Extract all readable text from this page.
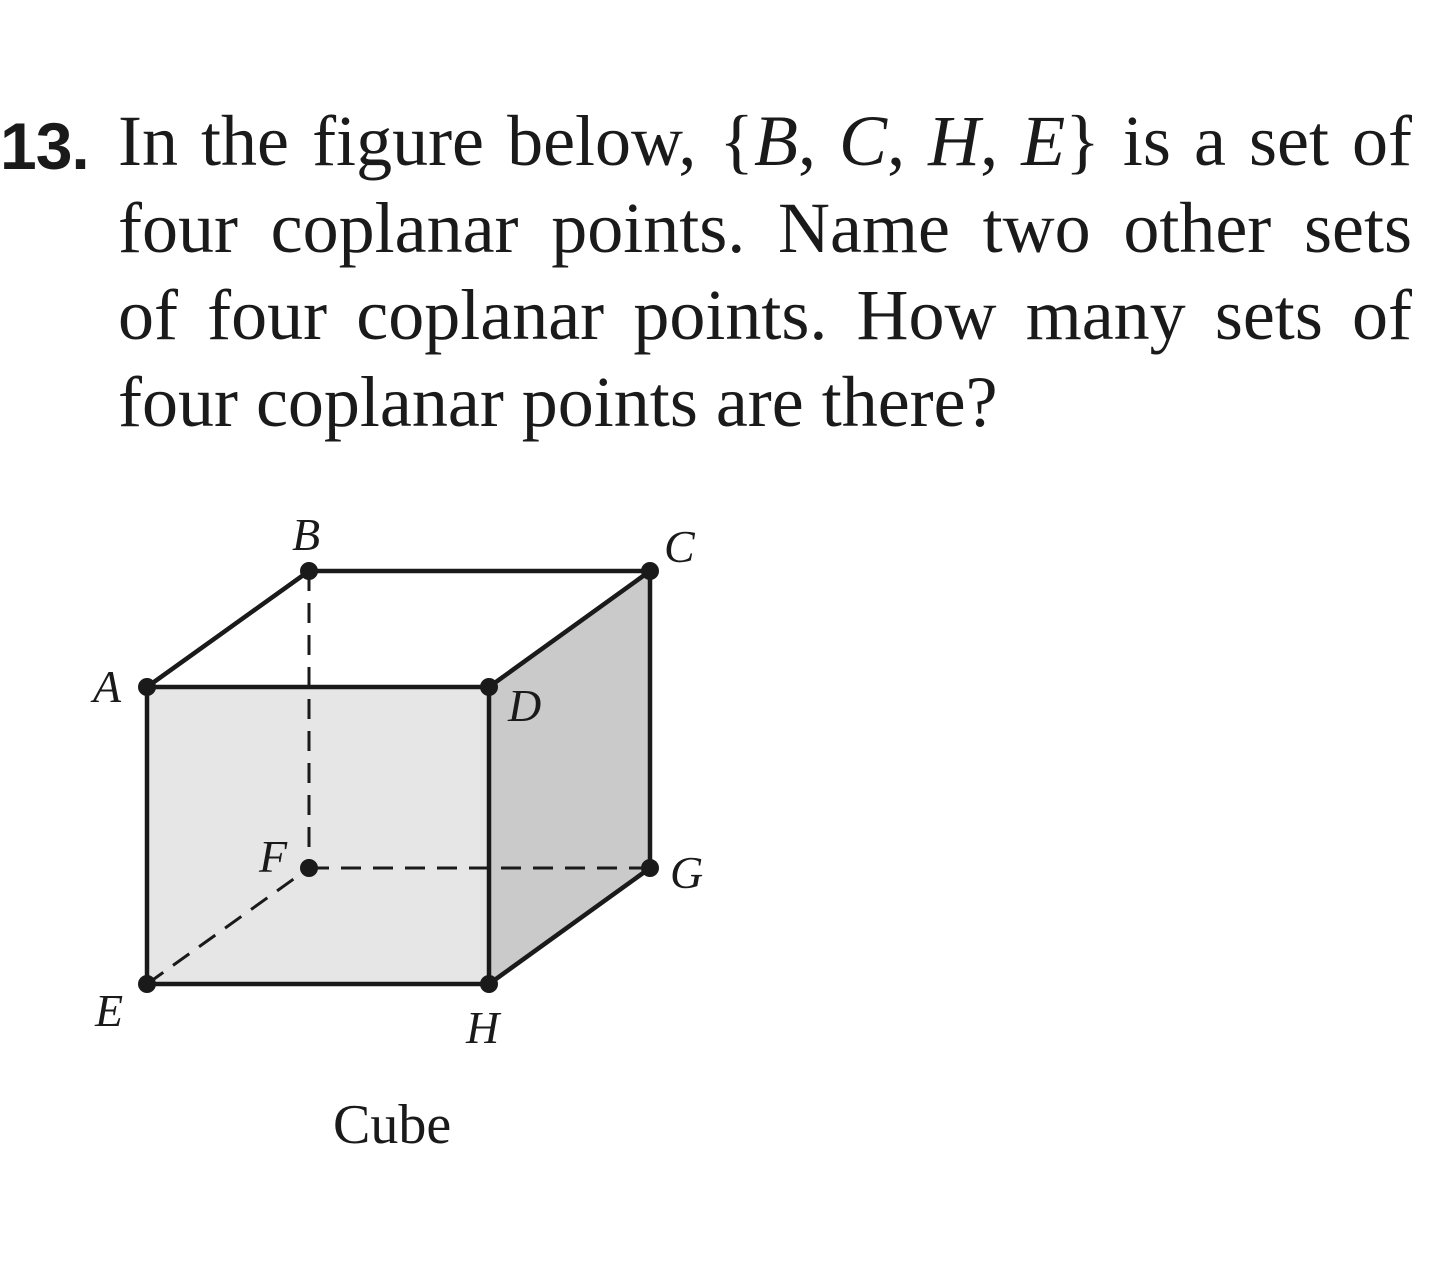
13. In the figure below, {B, C, H, E} is a set of
four coplanar points. Name two other sets
of four coplanar points. How many sets of
four coplanar points are there?
A
B	C
D
E
F	G
H
Cube
